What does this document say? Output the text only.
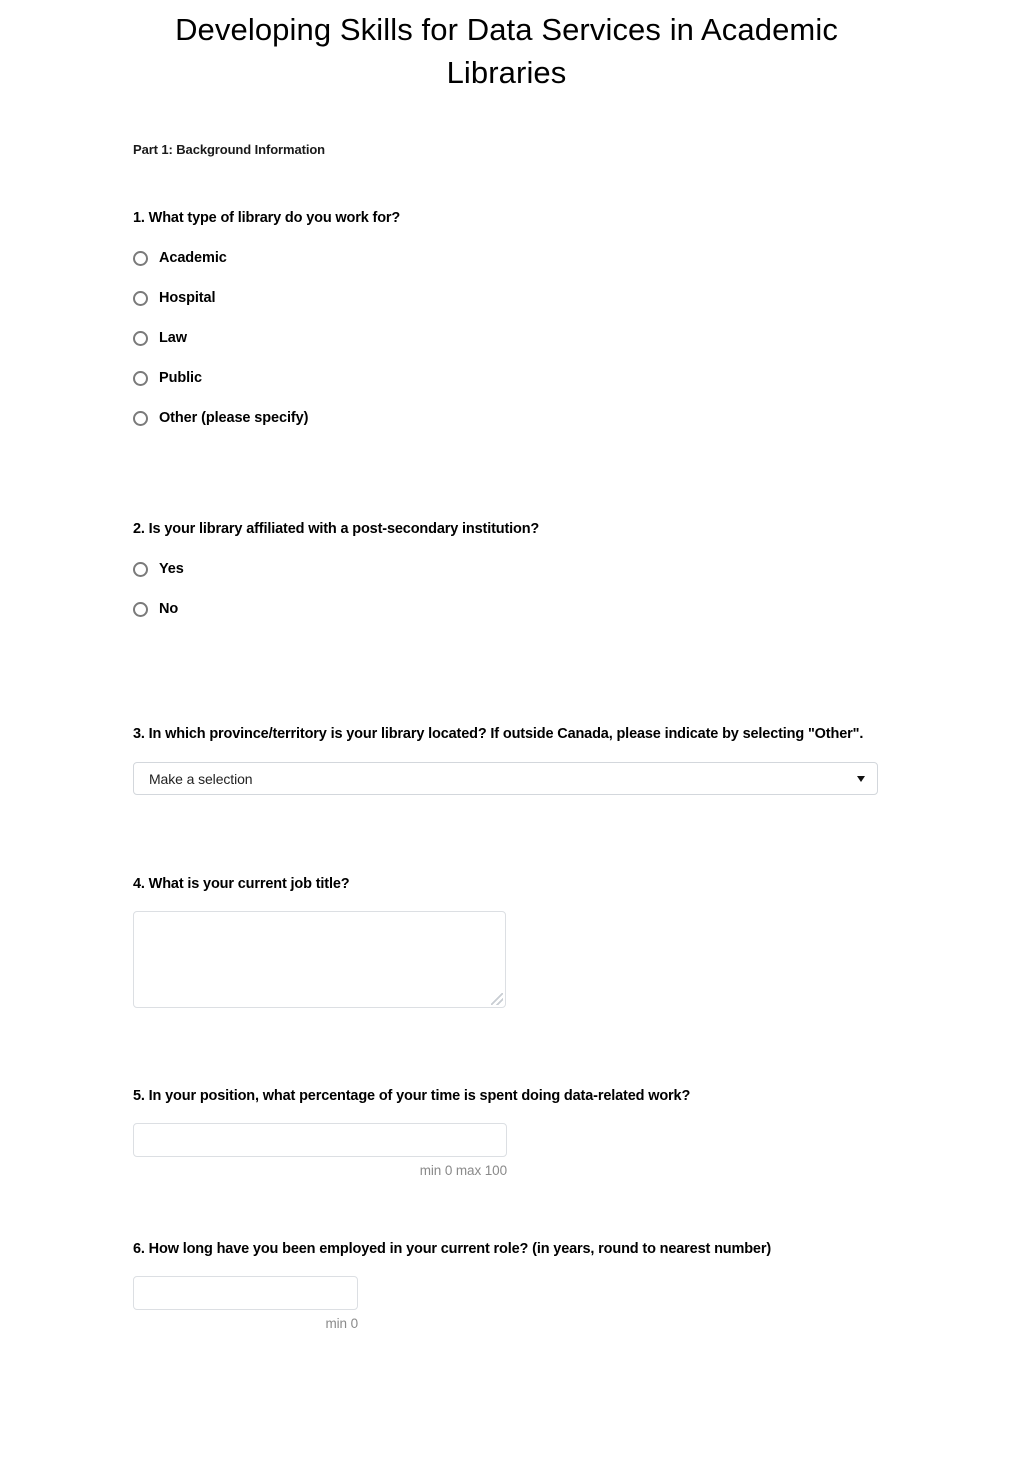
Developing Skills for Data Services in Academic Libraries
Part 1: Background Information
1. What type of library do you work for?
Academic
Hospital
Law
Public
Other (please specify)
2. Is your library affiliated with a post-secondary institution?
Yes
No
3. In which province/territory is your library located? If outside Canada, please indicate by selecting "Other".
Make a selection
4. What is your current job title?
5. In your position, what percentage of your time is spent doing data-related work?
min 0 max 100
6. How long have you been employed in your current role? (in years, round to nearest number)
min 0
